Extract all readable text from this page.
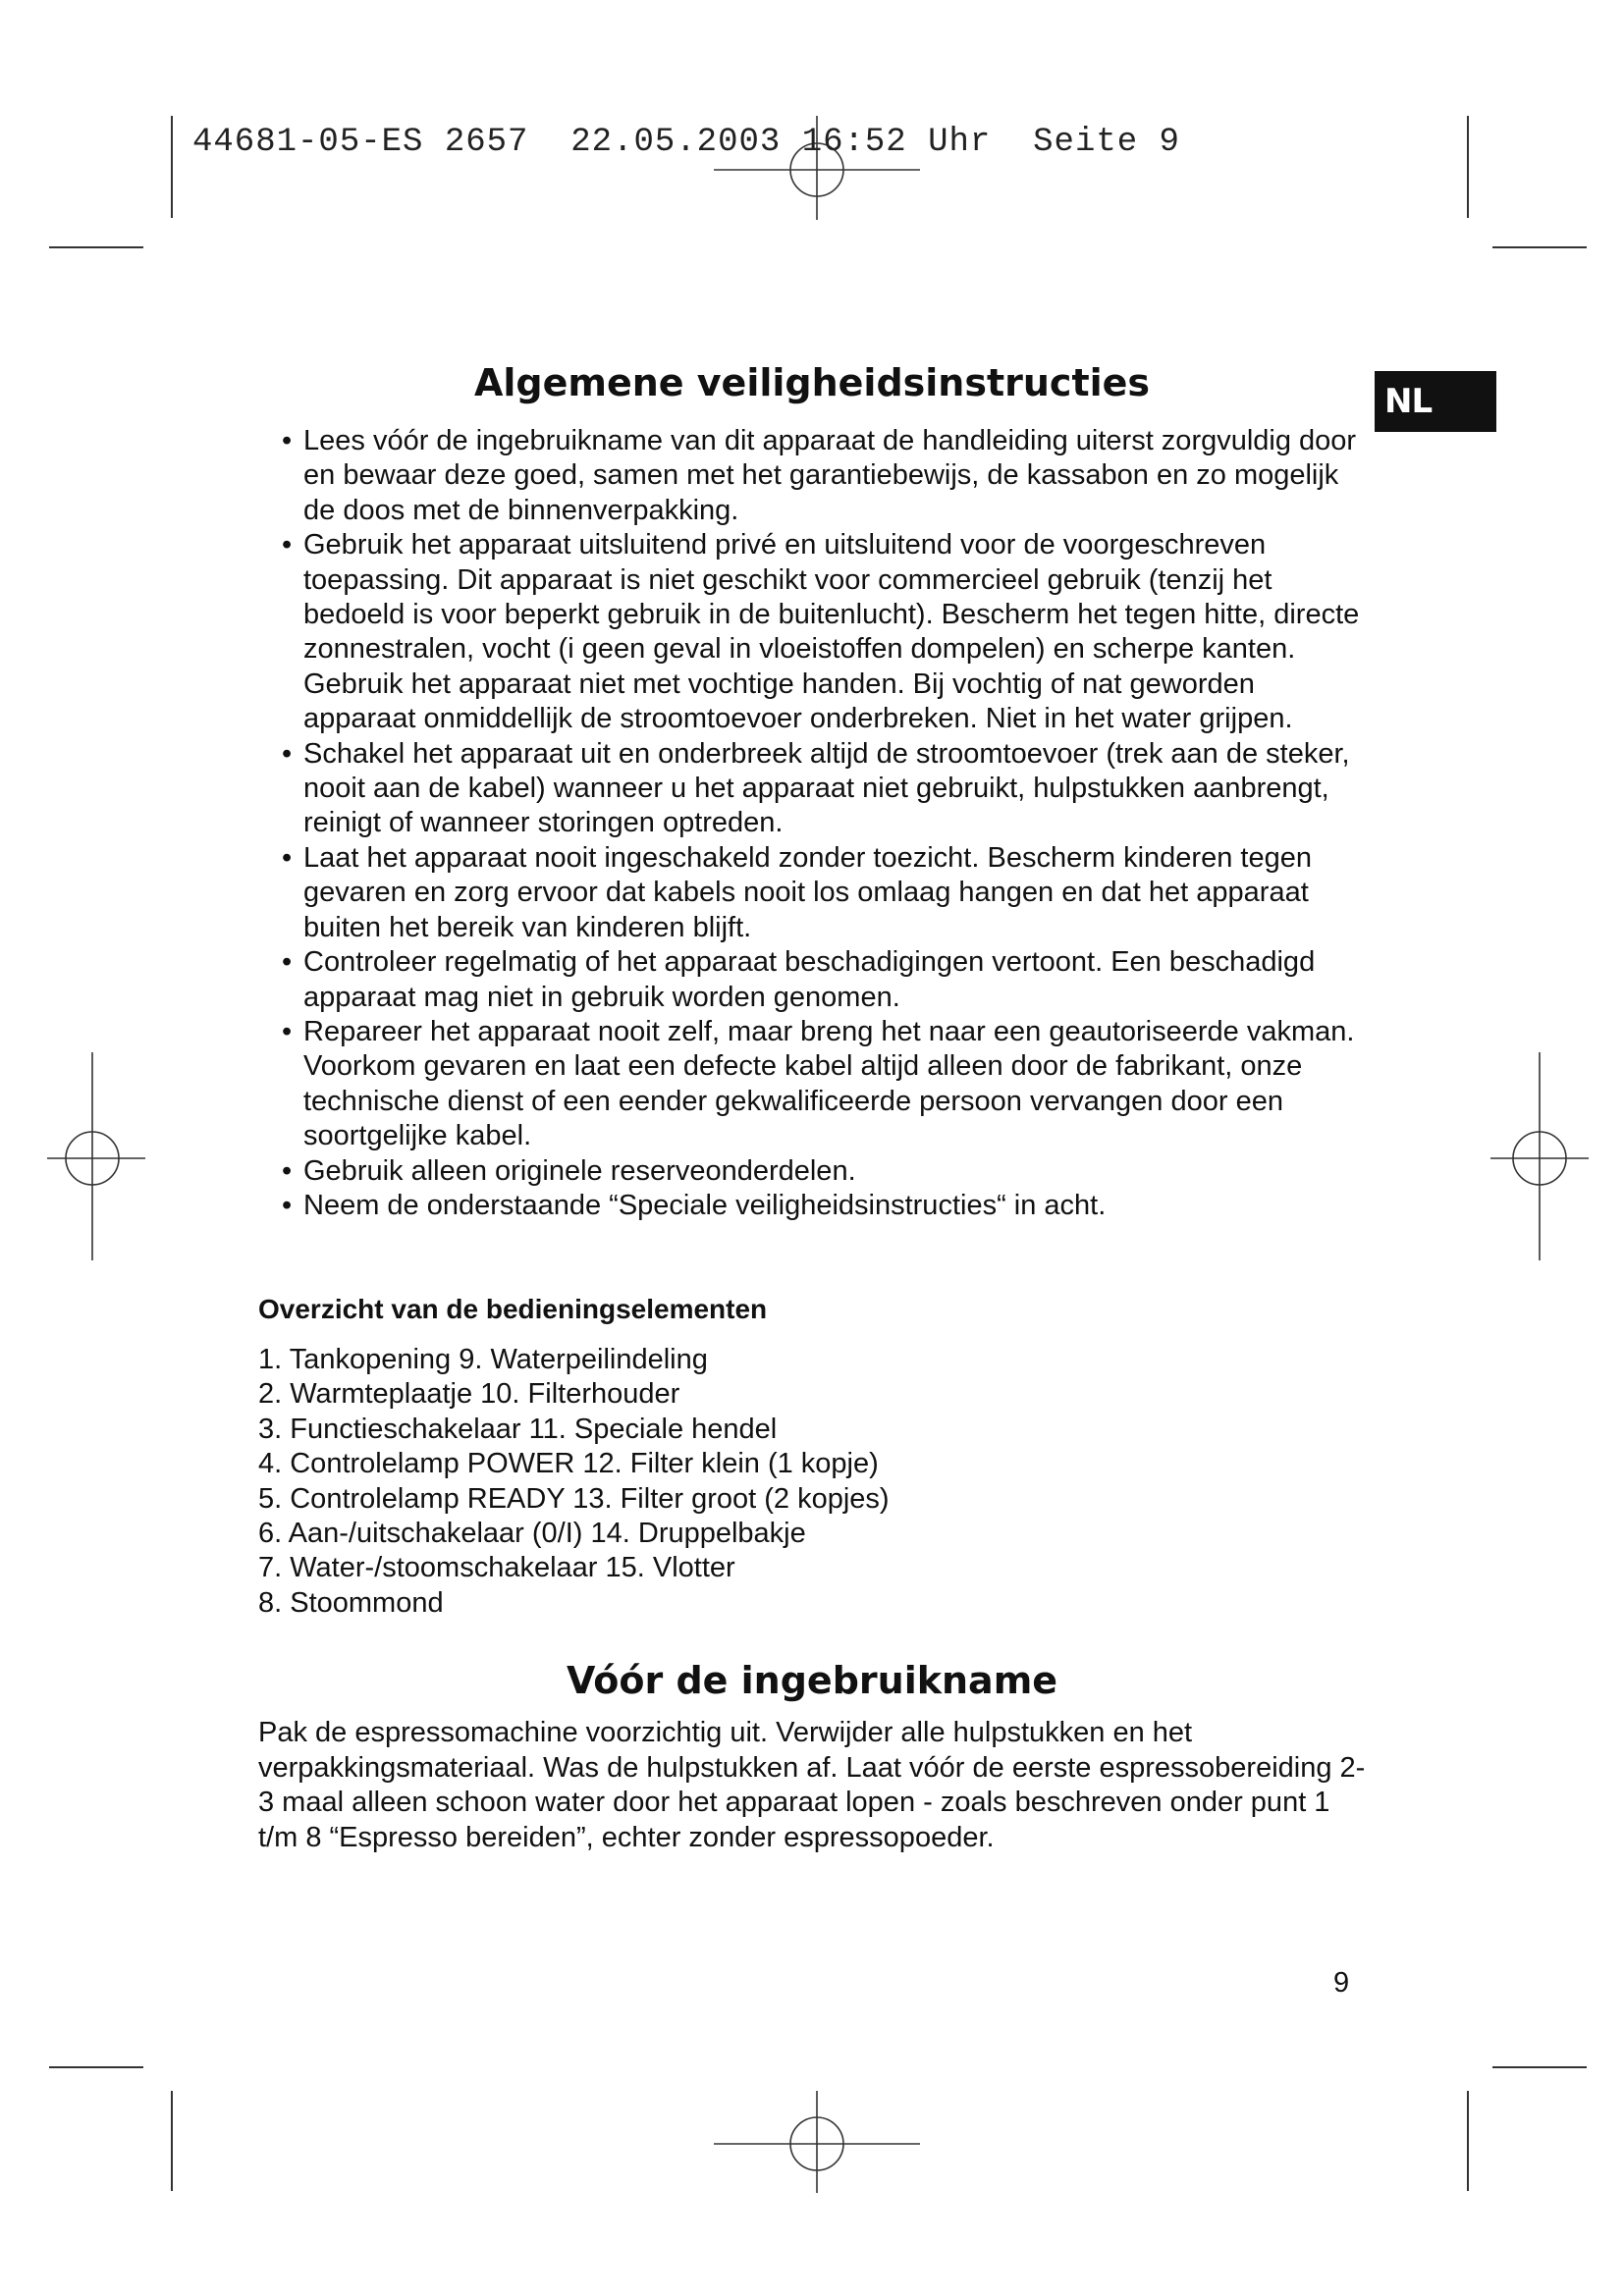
44681-05-ES 2657  22.05.2003 16:52 Uhr  Seite 9
NL
Algemene veiligheidsinstructies
• Lees vóór de ingebruikname van dit apparaat de handleiding uiterst zorgvuldig door en bewaar deze goed, samen met het garantiebewijs, de kassabon en zo mogelijk de doos met de binnenverpakking.
• Gebruik het apparaat uitsluitend privé en uitsluitend voor de voorgeschreven toepassing. Dit apparaat is niet geschikt voor commercieel gebruik (tenzij het bedoeld is voor beperkt gebruik in de buitenlucht). Bescherm het tegen hitte, directe zonnestralen, vocht (i geen geval in vloeistoffen dompelen) en scherpe kanten. Gebruik het apparaat niet met vochtige handen. Bij vochtig of nat geworden apparaat onmiddellijk de stroomtoevoer onderbreken. Niet in het water grijpen.
• Schakel het apparaat uit en onderbreek altijd de stroomtoevoer (trek aan de steker, nooit aan de kabel) wanneer u het apparaat niet gebruikt, hulpstukken aanbrengt, reinigt of wanneer storingen optreden.
• Laat het apparaat nooit ingeschakeld zonder toezicht. Bescherm kinderen tegen gevaren en zorg ervoor dat kabels nooit los omlaag hangen en dat het apparaat buiten het bereik van kinderen blijft.
• Controleer regelmatig of het apparaat beschadigingen vertoont. Een beschadigd apparaat mag niet in gebruik worden genomen.
• Repareer het apparaat nooit zelf, maar breng het naar een geautoriseerde vakman. Voorkom gevaren en laat een defecte kabel altijd alleen door de fabrikant, onze technische dienst of een eender gekwalificeerde persoon vervangen door een soortgelijke kabel.
• Gebruik alleen originele reserveonderdelen.
• Neem de onderstaande “Speciale veiligheidsinstructies“ in acht.
Overzicht van de bedieningselementen
1. Tankopening 9. Waterpeilindeling
2. Warmteplaatje 10. Filterhouder
3. Functieschakelaar 11. Speciale hendel
4. Controlelamp POWER 12. Filter klein (1 kopje)
5. Controlelamp READY 13. Filter groot (2 kopjes)
6. Aan-/uitschakelaar (0/I) 14. Druppelbakje
7. Water-/stoomschakelaar 15. Vlotter
8. Stoommond
Vóór de ingebruikname

Pak de espressomachine voorzichtig uit. Verwijder alle hulpstukken en het verpakkingsmateriaal. Was de hulpstukken af. Laat vóór de eerste espressobereiding 2-3 maal alleen schoon water door het apparaat lopen - zoals beschreven onder punt 1 t/m 8 “Espresso bereiden”, echter zonder espressopoeder.

9
